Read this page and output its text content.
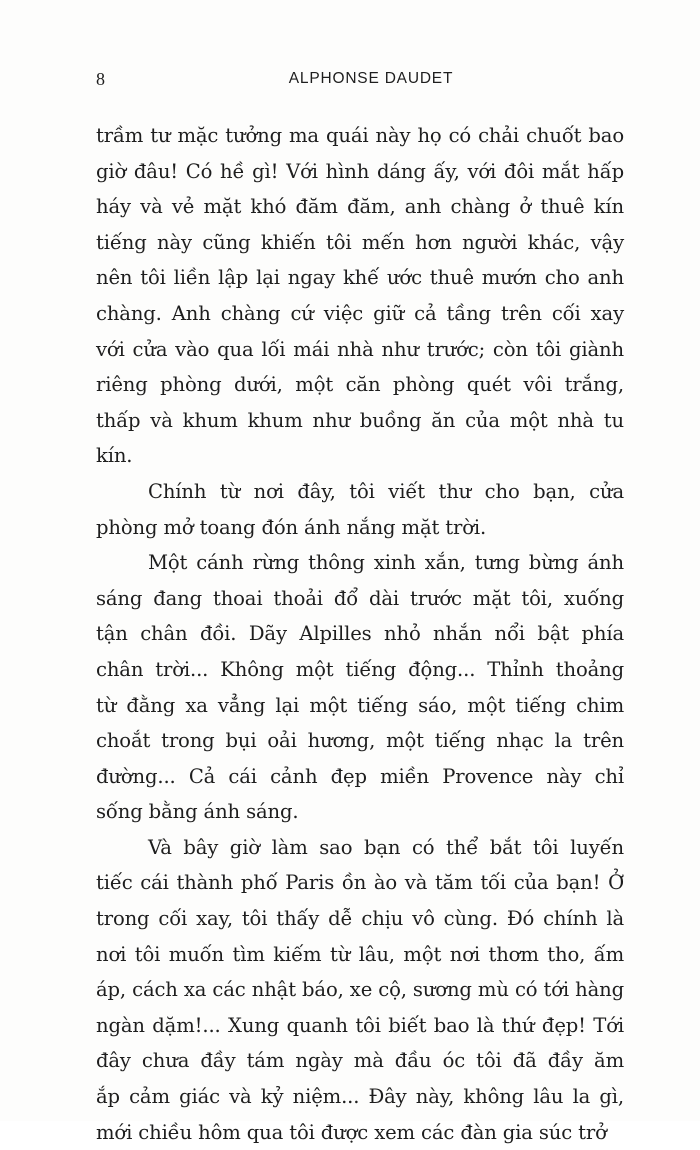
8	ALPHONSE DAUDET
trầm tư mặc tưởng ma quái này họ có chải chuốt bao
giờ đâu! Có hề gì! Với hình dáng ấy, với đôi mắt hấp
háy và vẻ mặt khó đăm đăm, anh chàng ở thuê kín
tiếng này cũng khiến tôi mến hơn người khác, vậy
nên tôi liền lập lại ngay khế ước thuê mướn cho anh
chàng. Anh chàng cứ việc giữ cả tầng trên cối xay
với cửa vào qua lối mái nhà như trước; còn tôi giành
riêng phòng dưới, một căn phòng quét vôi trắng,
thấp và khum khum như buồng ăn của một nhà tu
kín.
Chính từ nơi đây, tôi viết thư cho bạn, cửa
phòng mở toang đón ánh nắng mặt trời.
Một cánh rừng thông xinh xắn, tưng bừng ánh
sáng đang thoai thoải đổ dài trước mặt tôi, xuống
tận chân đồi. Dãy Alpilles nhỏ nhắn nổi bật phía
chân trời... Không một tiếng động... Thỉnh thoảng
từ đằng xa vẳng lại một tiếng sáo, một tiếng chim
choắt trong bụi oải hương, một tiếng nhạc la trên
đường... Cả cái cảnh đẹp miền Provence này chỉ
sống bằng ánh sáng.
Và bây giờ làm sao bạn có thể bắt tôi luyến
tiếc cái thành phố Paris ồn ào và tăm tối của bạn! Ở
trong cối xay, tôi thấy dễ chịu vô cùng. Đó chính là
nơi tôi muốn tìm kiếm từ lâu, một nơi thơm tho, ấm
áp, cách xa các nhật báo, xe cộ, sương mù có tới hàng
ngàn dặm!... Xung quanh tôi biết bao là thứ đẹp! Tới
đây chưa đầy tám ngày mà đầu óc tôi đã đầy ăm
ắp cảm giác và kỷ niệm... Đây này, không lâu la gì,
mới chiều hôm qua tôi được xem các đàn gia súc trở
